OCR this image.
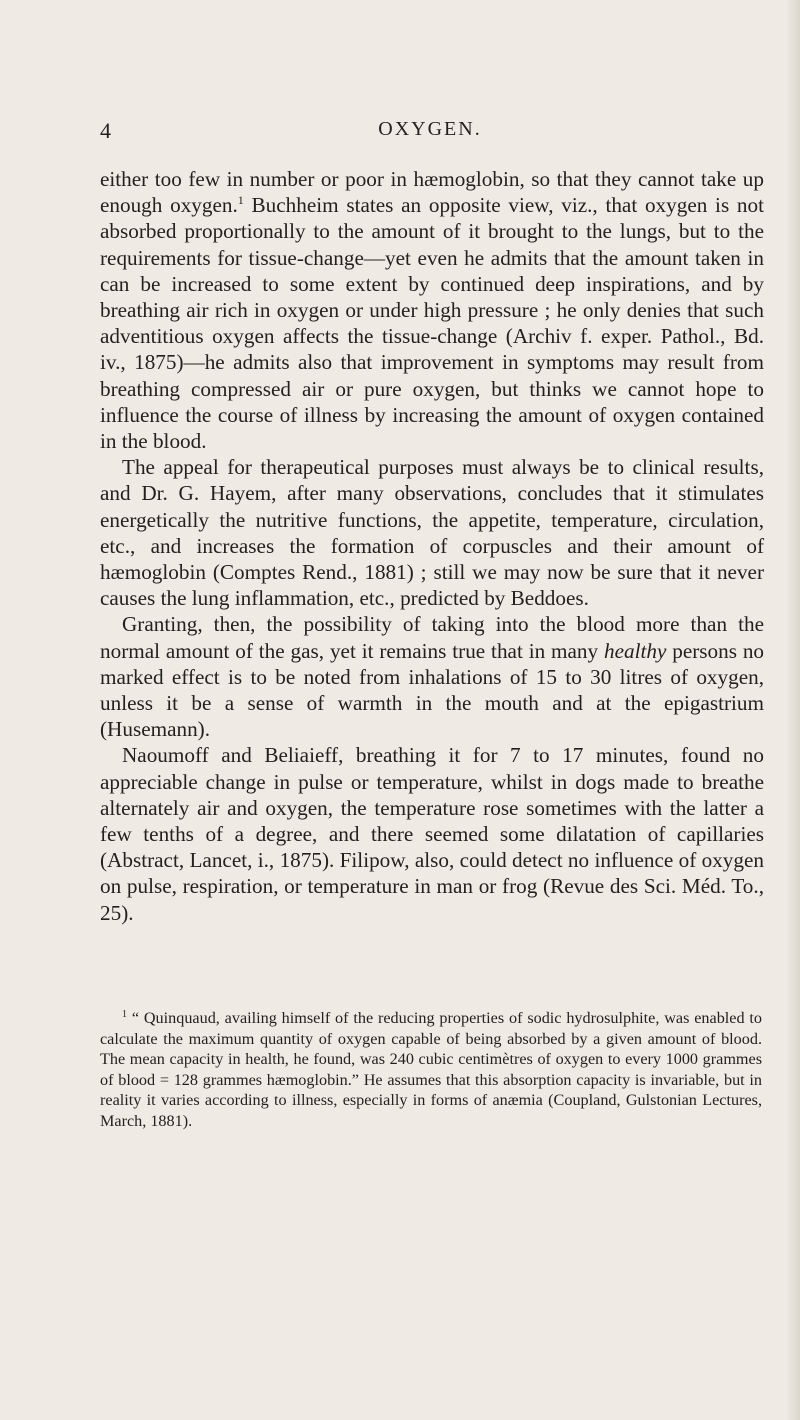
4	OXYGEN.

either too few in number or poor in hæmoglobin, so that they cannot take up enough oxygen.$^1$ Buchheim states an opposite view, viz., that oxygen is not absorbed proportionally to the amount of it brought to the lungs, but to the requirements for tissue-change—yet even he admits that the amount taken in can be increased to some extent by continued deep inspirations, and by breathing air rich in oxygen or under high pressure ; he only denies that such adventitious oxygen affects the tissue-change (Archiv f. exper. Pathol., Bd. iv., 1875)—he admits also that improvement in symptoms may result from breathing compressed air or pure oxygen, but thinks we cannot hope to influence the course of illness by increasing the amount of oxygen contained in the blood.

The appeal for therapeutical purposes must always be to clinical results, and Dr. G. Hayem, after many observations, concludes that it stimulates energetically the nutritive functions, the appetite, temperature, circulation, etc., and increases the formation of corpuscles and their amount of hæmoglobin (Comptes Rend., 1881) ; still we may now be sure that it never causes the lung inflammation, etc., predicted by Beddoes.

Granting, then, the possibility of taking into the blood more than the normal amount of the gas, yet it remains true that in many healthy persons no marked effect is to be noted from inhalations of 15 to 30 litres of oxygen, unless it be a sense of warmth in the mouth and at the epigastrium (Husemann).

Naoumoff and Beliaieff, breathing it for 7 to 17 minutes, found no appreciable change in pulse or temperature, whilst in dogs made to breathe alternately air and oxygen, the temperature rose sometimes with the latter a few tenths of a degree, and there seemed some dilatation of capillaries (Abstract, Lancet, i., 1875). Filipow, also, could detect no influence of oxygen on pulse, respiration, or temperature in man or frog (Revue des Sci. Méd. To., 25).

$^1$ “ Quinquaud, availing himself of the reducing properties of sodic hydrosulphite, was enabled to calculate the maximum quantity of oxygen capable of being absorbed by a given amount of blood. The mean capacity in health, he found, was 240 cubic centimètres of oxygen to every 1000 grammes of blood = 128 grammes hæmoglobin.” He assumes that this absorption capacity is invariable, but in reality it varies according to illness, especially in forms of anæmia (Coupland, Gulstonian Lectures, March, 1881).
